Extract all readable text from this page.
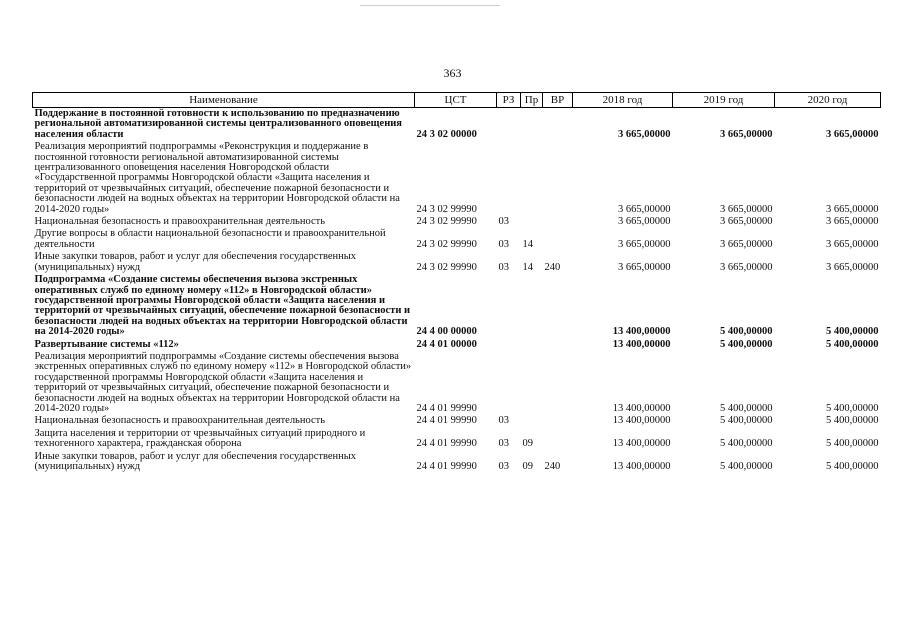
363
Наименование	ЦСТ	РЗ	Пр	ВР	2018 год	2019 год	2020 год
Поддержание в постоянной готовности к использованию по предназначению региональной автоматизированной системы централизованного оповещения населения области	24 3 02 00000				3 665,00000	3 665,00000	3 665,00000
Реализация мероприятий подпрограммы «Реконструкция и поддержание в постоянной готовности региональной автоматизированной системы централизованного оповещения населения Новгородской области «Государственной программы Новгородской области «Защита населения и территорий от чрезвычайных ситуаций, обеспечение пожарной безопасности и безопасности людей на водных объектах на территории Новгородской области на 2014-2020 годы»	24 3 02 99990				3 665,00000	3 665,00000	3 665,00000
Национальная безопасность и правоохранительная деятельность	24 3 02 99990	03			3 665,00000	3 665,00000	3 665,00000
Другие вопросы в области национальной безопасности и правоохранительной деятельности	24 3 02 99990	03	14		3 665,00000	3 665,00000	3 665,00000
Иные закупки товаров, работ и услуг для обеспечения государственных (муниципальных) нужд	24 3 02 99990	03	14	240	3 665,00000	3 665,00000	3 665,00000
Подпрограмма «Создание системы обеспечения вызова экстренных оперативных служб по единому номеру «112» в Новгородской области» государственной программы Новгородской области «Защита населения и территорий от чрезвычайных ситуаций, обеспечение пожарной безопасности и безопасности людей на водных объектах на территории Новгородской области на 2014-2020 годы»	24 4 00 00000				13 400,00000	5 400,00000	5 400,00000
Развертывание системы «112»	24 4 01 00000				13 400,00000	5 400,00000	5 400,00000
Реализация мероприятий подпрограммы «Создание системы обеспечения вызова экстренных оперативных служб по единому номеру «112» в Новгородской области» государственной программы Новгородской области «Защита населения и территорий от чрезвычайных ситуаций, обеспечение пожарной безопасности и безопасности людей на водных объектах на территории Новгородской области на 2014-2020 годы»	24 4 01 99990				13 400,00000	5 400,00000	5 400,00000
Национальная безопасность и правоохранительная деятельность	24 4 01 99990	03			13 400,00000	5 400,00000	5 400,00000
Защита населения и территории от чрезвычайных ситуаций природного и техногенного характера, гражданская оборона	24 4 01 99990	03	09		13 400,00000	5 400,00000	5 400,00000
Иные закупки товаров, работ и услуг для обеспечения государственных (муниципальных) нужд	24 4 01 99990	03	09	240	13 400,00000	5 400,00000	5 400,00000
